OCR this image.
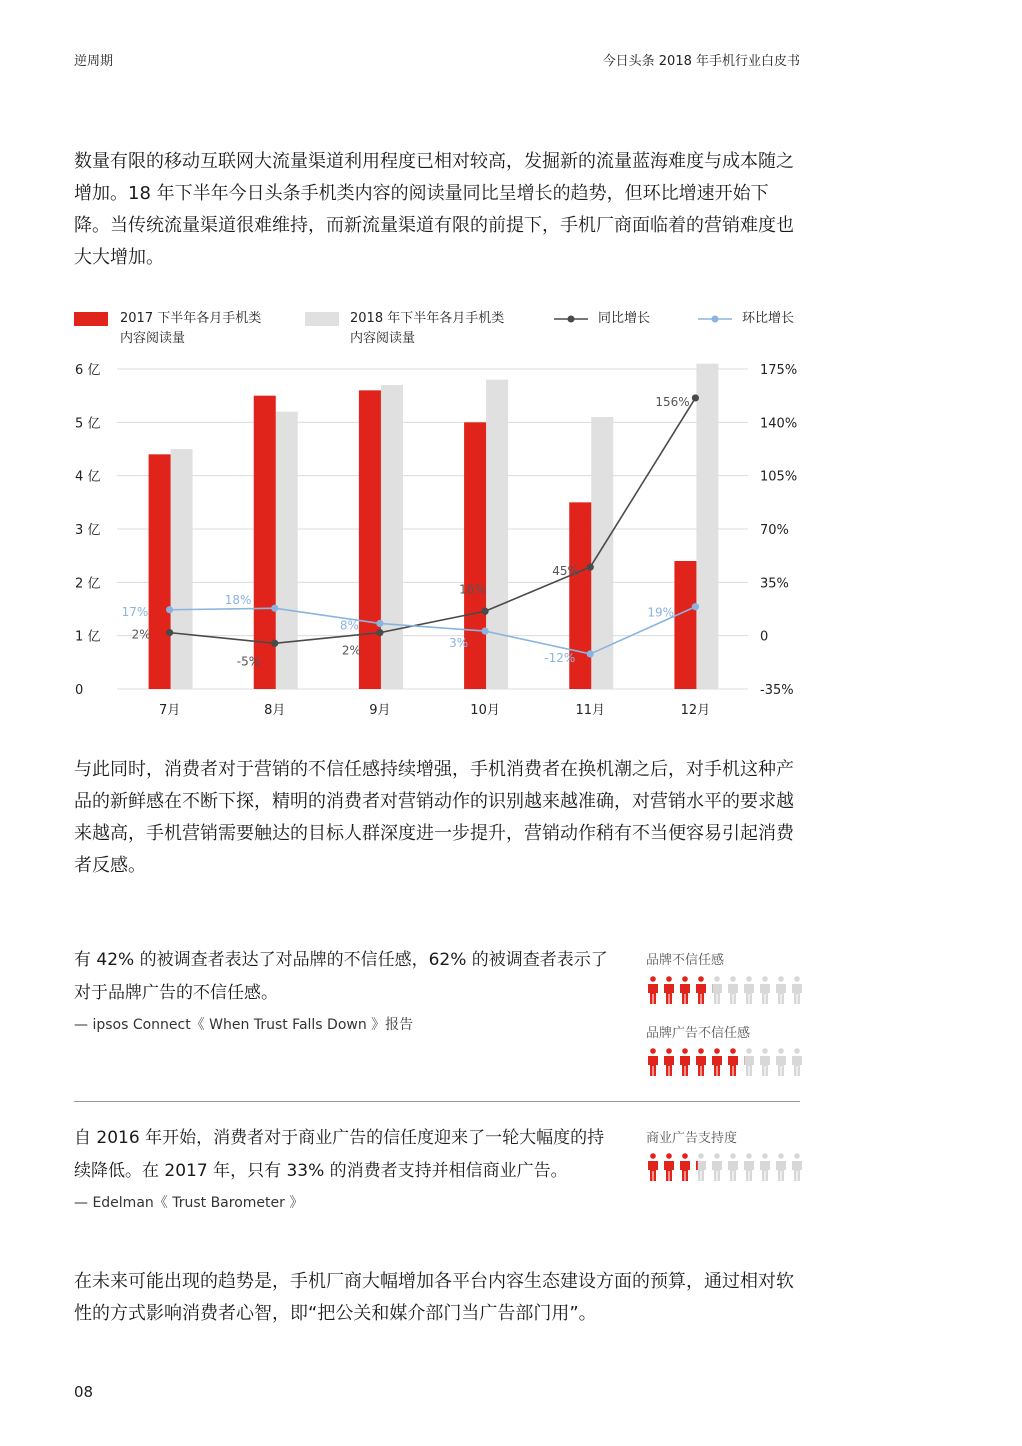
逆周期	今日头条 2018 年手机行业白皮书
数量有限的移动互联网大流量渠道利用程度已相对较高，发掘新的流量蓝海难度与成本随之增加。18 年下半年今日头条手机类内容的阅读量同比呈增长的趋势，但环比增速开始下降。当传统流量渠道很难维持，而新流量渠道有限的前提下，手机厂商面临着的营销难度也大大增加。
2017 下半年各月手机类
内容阅读量
2018 年下半年各月手机类
内容阅读量
同比增长	环比增长
0
1 亿
2 亿
3 亿
4 亿
5 亿
6 亿
-35%
0
35%
70%
105%
140%
175%
7月	8月	9月	10月	11月	12月
2%
-5%
2%
16%
45%
156%
17%
18%
8%
3%
-12%
19%
与此同时，消费者对于营销的不信任感持续增强，手机消费者在换机潮之后，对手机这种产品的新鲜感在不断下探，精明的消费者对营销动作的识别越来越准确，对营销水平的要求越来越高，手机营销需要触达的目标人群深度进一步提升，营销动作稍有不当便容易引起消费者反感。
有 42% 的被调查者表达了对品牌的不信任感，62% 的被调查者表示了对于品牌广告的不信任感。
— ipsos Connect《 When Trust Falls Down 》报告
品牌不信任感
品牌广告不信任感
自 2016 年开始，消费者对于商业广告的信任度迎来了一轮大幅度的持续降低。在 2017 年，只有 33% 的消费者支持并相信商业广告。
— Edelman《 Trust Barometer 》
商业广告支持度
在未来可能出现的趋势是，手机厂商大幅增加各平台内容生态建设方面的预算，通过相对软性的方式影响消费者心智，即“把公关和媒介部门当广告部门用”。
08
